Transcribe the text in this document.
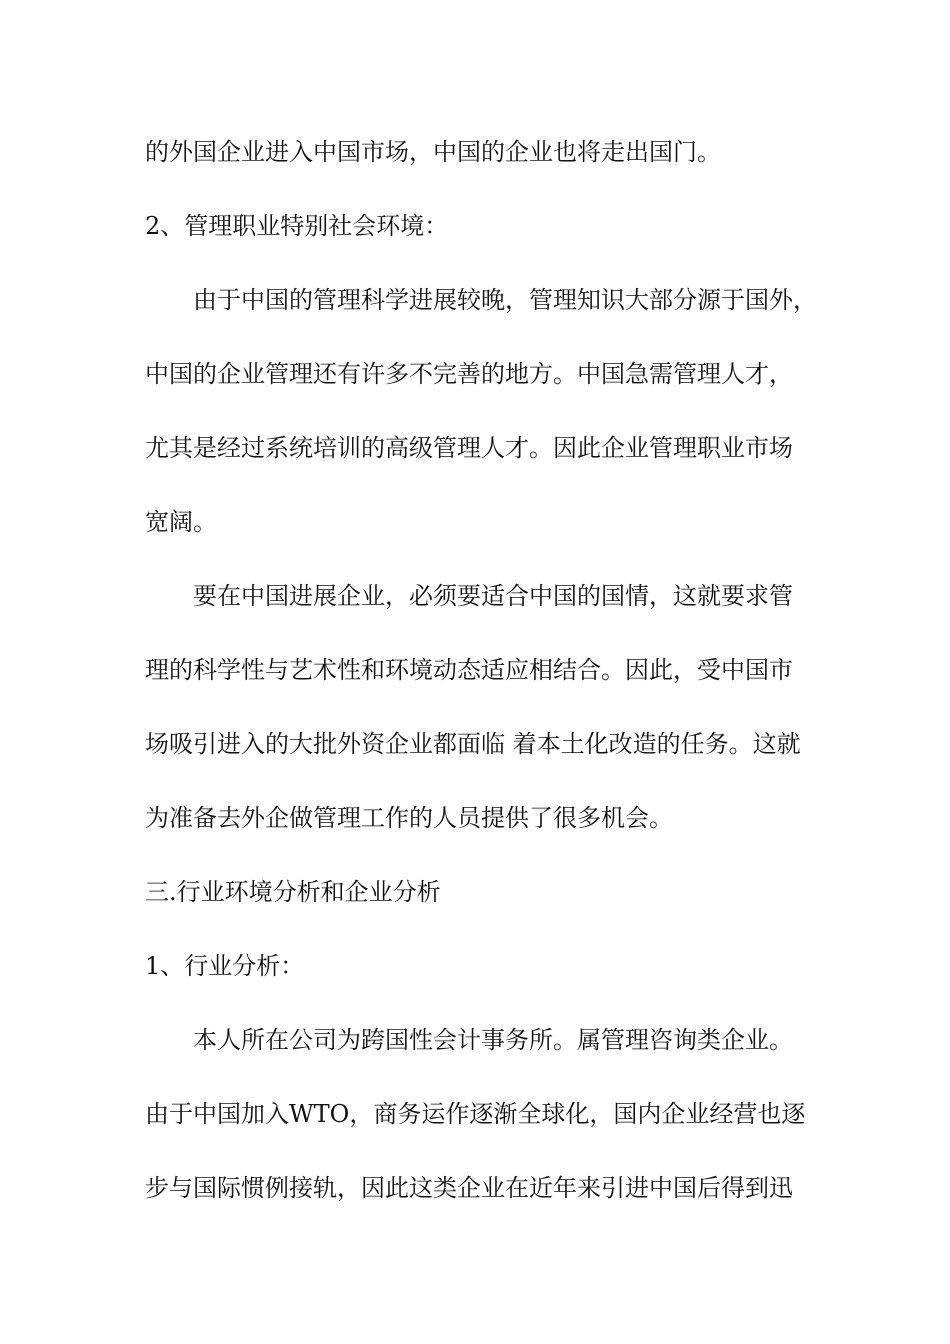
的外国企业进入中国市场，中国的企业也将走出国门。
2、管理职业特别社会环境：
由于中国的管理科学进展较晚，管理知识大部分源于国外，
中国的企业管理还有许多不完善的地方。中国急需管理人才，
尤其是经过系统培训的高级管理人才。因此企业管理职业市场
宽阔。
要在中国进展企业，必须要适合中国的国情，这就要求管
理的科学性与艺术性和环境动态适应相结合。因此，受中国市
场吸引进入的大批外资企业都面临 着本土化改造的任务。这就
为准备去外企做管理工作的人员提供了很多机会。
三.行业环境分析和企业分析
1、行业分析：
本人所在公司为跨国性会计事务所。属管理咨询类企业。
由于中国加入WTO，商务运作逐渐全球化，国内企业经营也逐
步与国际惯例接轨，因此这类企业在近年来引进中国后得到迅
